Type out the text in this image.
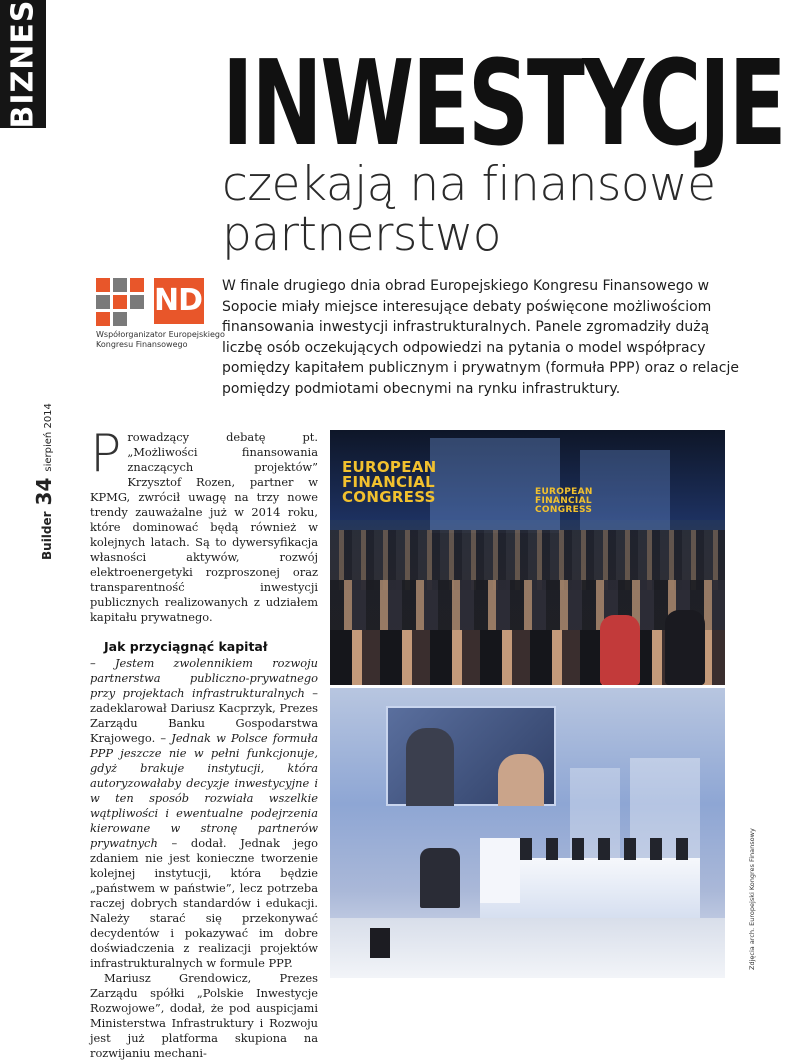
BIZNES INWESTYCJE
czekają na finansowe partnerstwo
NDI
Współorganizator Europejskiego
Kongresu Finansowego
W finale drugiego dnia obrad Europejskiego Kongresu Finansowego w Sopocie miały miejsce interesujące debaty poświęcone możliwościom finansowania inwestycji infrastrukturalnych. Panele zgromadziły dużą liczbę osób oczekujących odpowiedzi na pytania o model współpracy pomiędzy kapitałem publicznym i prywatnym (formuła PPP) oraz o relacje pomiędzy podmiotami obecnymi na rynku infrastruktury.
Builder
34
sierpień 2014 Prowadzący debatę pt. „Możliwości finansowania znaczących projektów” Krzysztof Rozen, partner w KPMG, zwrócił uwagę na trzy nowe trendy zauważalne już w 2014 roku, które dominować będą również w kolejnych latach. Są to dywersyfikacja własności aktywów, rozwój elektroenergetyki rozproszonej oraz transparentność inwestycji publicznych realizowanych z udziałem kapitału prywatnego.

Jak przyciągnąć kapitał

– Jestem zwolennikiem rozwoju partnerstwa publiczno-prywatnego przy projektach infrastrukturalnych – zadeklarował Dariusz Kacprzyk, Prezes Zarządu Banku Gospodarstwa Krajowego. – Jednak w Polsce formuła PPP jeszcze nie w pełni funkcjonuje, gdyż brakuje instytucji, która autoryzowałaby decyzje inwestycyjne i w ten sposób rozwiała wszelkie wątpliwości i ewentualne podejrzenia kierowane w stronę partnerów prywatnych – dodał. Jednak jego zdaniem nie jest konieczne tworzenie kolejnej instytucji, która będzie „państwem w państwie”, lecz potrzeba raczej dobrych standardów i edukacji. Należy starać się przekonywać decydentów i pokazywać im dobre doświadczenia z realizacji projektów infrastrukturalnych w formule PPP.

Mariusz Grendowicz, Prezes Zarządu spółki „Polskie Inwestycje Rozwojowe”, dodał, że pod auspicjami Ministerstwa Infrastruktury i Rozwoju jest już platforma skupiona na rozwijaniu mechani-

EUROPEAN
FINANCIAL
CONGRESS	EUROPEAN
FINANCIAL
CONGRESS
Zdjęcia arch. Europejski Kongres Finansowy
